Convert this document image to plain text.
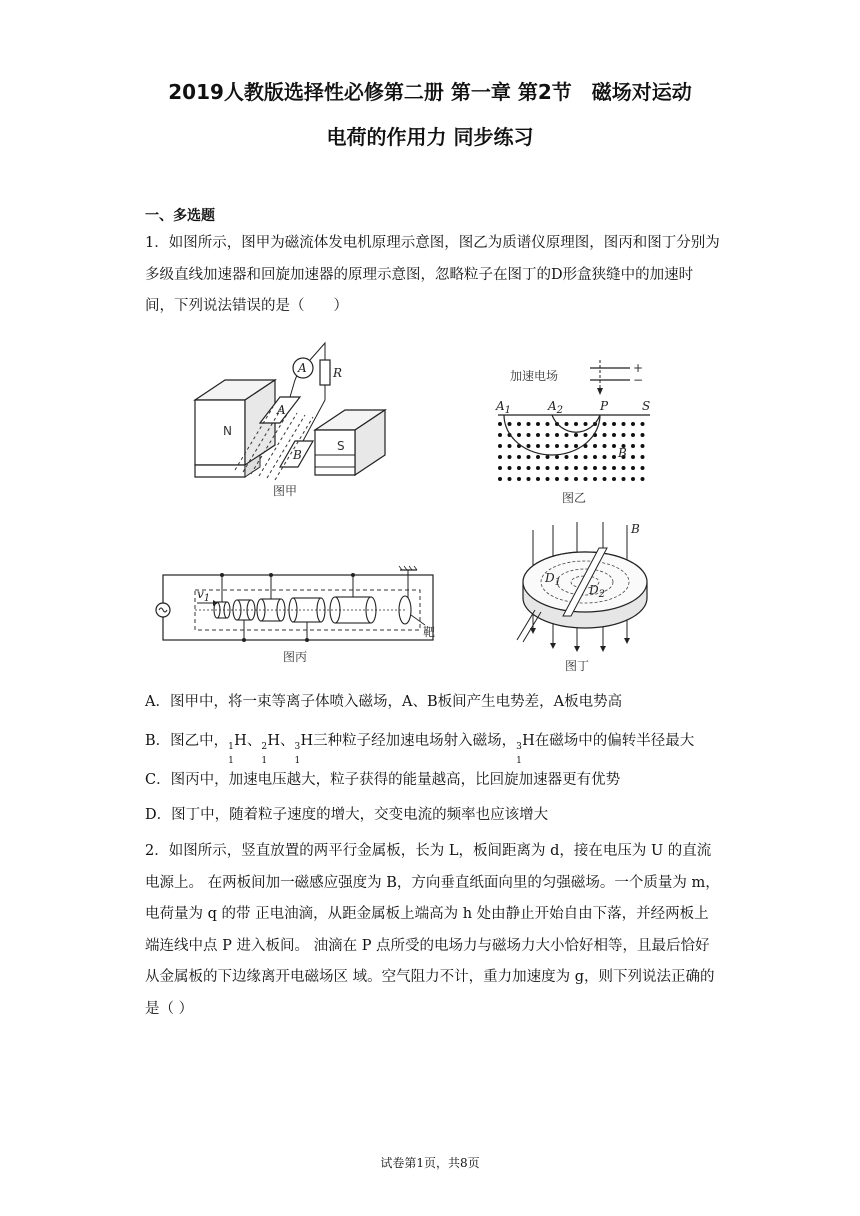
2019人教版选择性必修第二册 第一章 第2节　磁场对运动
电荷的作用力 同步练习
一、多选题
1．如图所示，图甲为磁流体发电机原理示意图，图乙为质谱仪原理图，图丙和图丁分别为多级直线加速器和回旋加速器的原理示意图，忽略粒子在图丁的D形盒狭缝中的加速时间，下列说法错误的是（　　）
N
S
A
B
A R
图甲
加速电场
+
−
$A_1$	$A_2$	P	S
B
图乙
$v_1$
靶
图丙
B
$D_1$
$D_2$
图丁
A．图甲中，将一束等离子体喷入磁场，A、B板间产生电势差，A板电势高
B．图乙中， 1
1
H、 2
1
H、 3
1
H三种粒子经加速电场射入磁场， 3
1
H在磁场中的偏转半径最大
C．图丙中，加速电压越大，粒子获得的能量越高，比回旋加速器更有优势
D．图丁中，随着粒子速度的增大，交变电流的频率也应该增大
2．如图所示，竖直放置的两平行金属板，长为 L，板间距离为 d，接在电压为 U 的直流电源上。 在两板间加一磁感应强度为 B，方向垂直纸面向里的匀强磁场。一个质量为 m，电荷量为 q 的带 正电油滴，从距金属板上端高为 h 处由静止开始自由下落，并经两板上端连线中点 P 进入板间。 油滴在 P 点所受的电场力与磁场力大小恰好相等，且最后恰好从金属板的下边缘离开电磁场区 域。空气阻力不计，重力加速度为 g，则下列说法正确的是（ ）
试卷第1页，共8页
